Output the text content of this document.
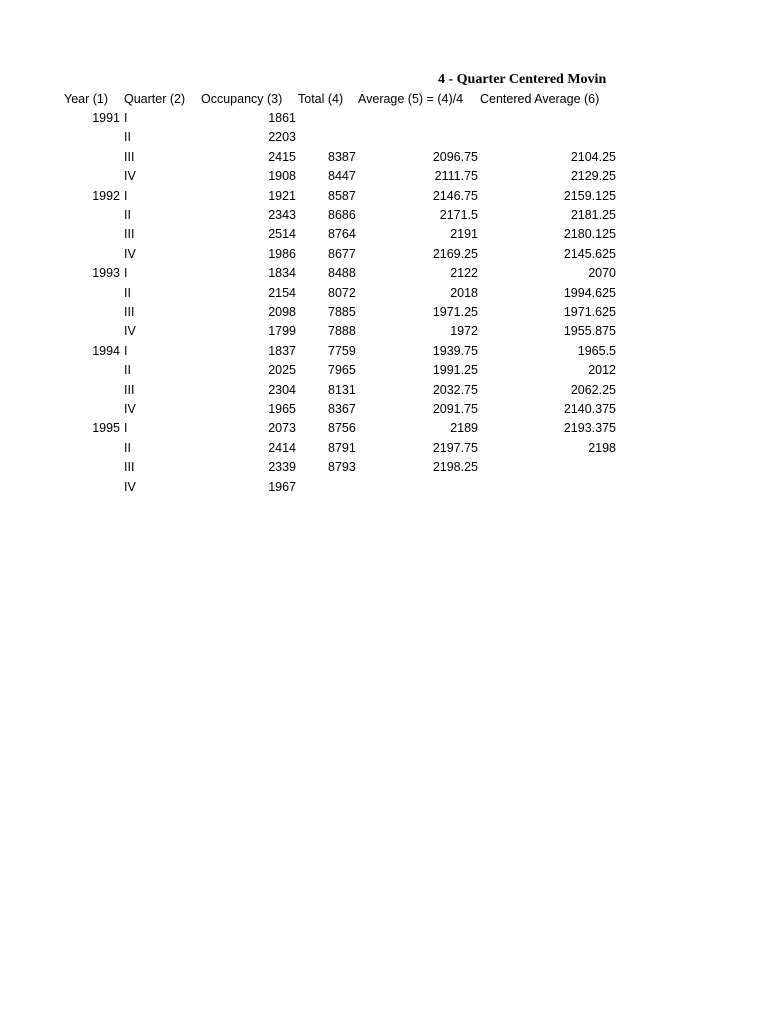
4 - Quarter Centered Movin
Year (1) Quarter (2) Occupancy (3) Total (4) Average (5) = (4)/4 Centered Average (6)
1991 I	1861
II	2203
III	2415	8387	2096.75	2104.25
IV	1908	8447	2111.75	2129.25
1992 I	1921	8587	2146.75	2159.125
II	2343	8686	2171.5	2181.25
III	2514	8764	2191	2180.125
IV	1986	8677	2169.25	2145.625
1993 I	1834	8488	2122	2070
II	2154	8072	2018	1994.625
III	2098	7885	1971.25	1971.625
IV	1799	7888	1972	1955.875
1994 I	1837	7759	1939.75	1965.5
II	2025	7965	1991.25	2012
III	2304	8131	2032.75	2062.25
IV	1965	8367	2091.75	2140.375
1995 I	2073	8756	2189	2193.375
II	2414	8791	2197.75	2198
III	2339	8793	2198.25
IV	1967
